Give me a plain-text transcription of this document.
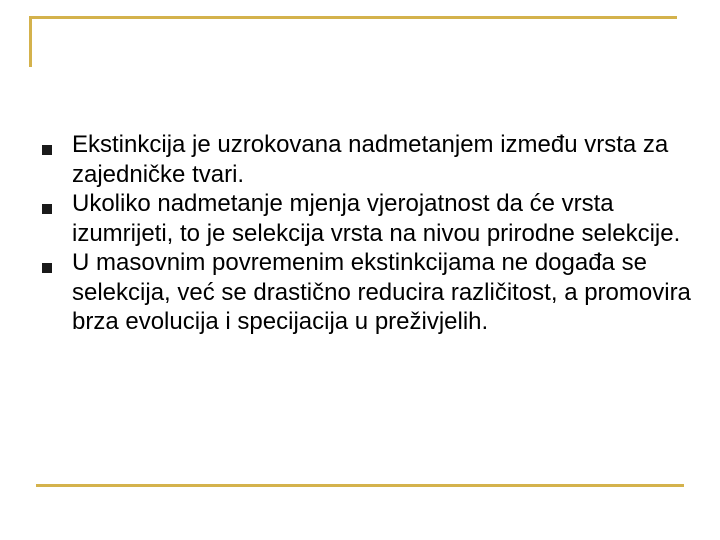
Ekstinkcija je uzrokovana nadmetanjem između vrsta za zajedničke tvari.
Ukoliko nadmetanje mjenja vjerojatnost da će vrsta izumrijeti, to je selekcija vrsta na nivou prirodne selekcije.
U masovnim povremenim ekstinkcijama ne događa se selekcija, već se drastično reducira različitost, a promovira brza evolucija i specijacija u preživjelih.
